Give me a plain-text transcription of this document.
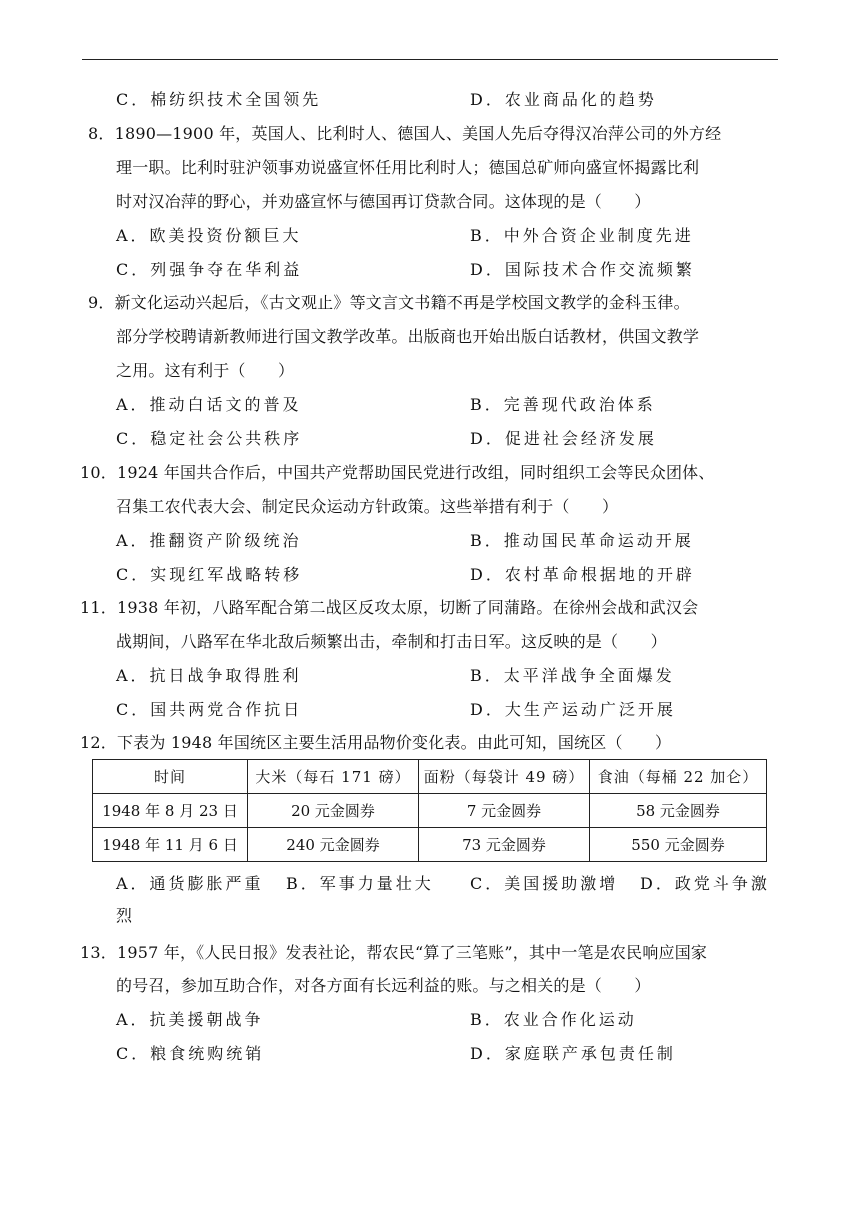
C．棉纺织技术全国领先	D．农业商品化的趋势
8．1890—1900 年，英国人、比利时人、德国人、美国人先后夺得汉冶萍公司的外方经
理一职。比利时驻沪领事劝说盛宣怀任用比利时人；德国总矿师向盛宣怀揭露比利
时对汉冶萍的野心，并劝盛宣怀与德国再订贷款合同。这体现的是（　　）
A．欧美投资份额巨大	B．中外合资企业制度先进
C．列强争夺在华利益	D．国际技术合作交流频繁
9．新文化运动兴起后，《古文观止》等文言文书籍不再是学校国文教学的金科玉律。
部分学校聘请新教师进行国文教学改革。出版商也开始出版白话教材，供国文教学
之用。这有利于（　　）
A．推动白话文的普及	B．完善现代政治体系
C．稳定社会公共秩序	D．促进社会经济发展
10．1924 年国共合作后，中国共产党帮助国民党进行改组，同时组织工会等民众团体、
召集工农代表大会、制定民众运动方针政策。这些举措有利于（　　）
A．推翻资产阶级统治	B．推动国民革命运动开展
C．实现红军战略转移	D．农村革命根据地的开辟
11．1938 年初，八路军配合第二战区反攻太原，切断了同蒲路。在徐州会战和武汉会
战期间，八路军在华北敌后频繁出击，牵制和打击日军。这反映的是（　　）
A．抗日战争取得胜利	B．太平洋战争全面爆发
C．国共两党合作抗日	D．大生产运动广泛开展
12．下表为 1948 年国统区主要生活用品物价变化表。由此可知，国统区（　　）
时间	大米（每石 171 磅）	面粉（每袋计 49 磅）	食油（每桶 22 加仑）
1948 年 8 月 23 日	20 元金圆券	7 元金圆券	58 元金圆券
1948 年 11 月 6 日	240 元金圆券	73 元金圆券	550 元金圆券
A．通货膨胀严重 B．军事力量壮大 C．美国援助激增 D．政党斗争激
烈
13．1957 年，《人民日报》发表社论，帮农民“算了三笔账”，其中一笔是农民响应国家
的号召，参加互助合作，对各方面有长远利益的账。与之相关的是（　　）
A．抗美援朝战争	B．农业合作化运动
C．粮食统购统销	D．家庭联产承包责任制
